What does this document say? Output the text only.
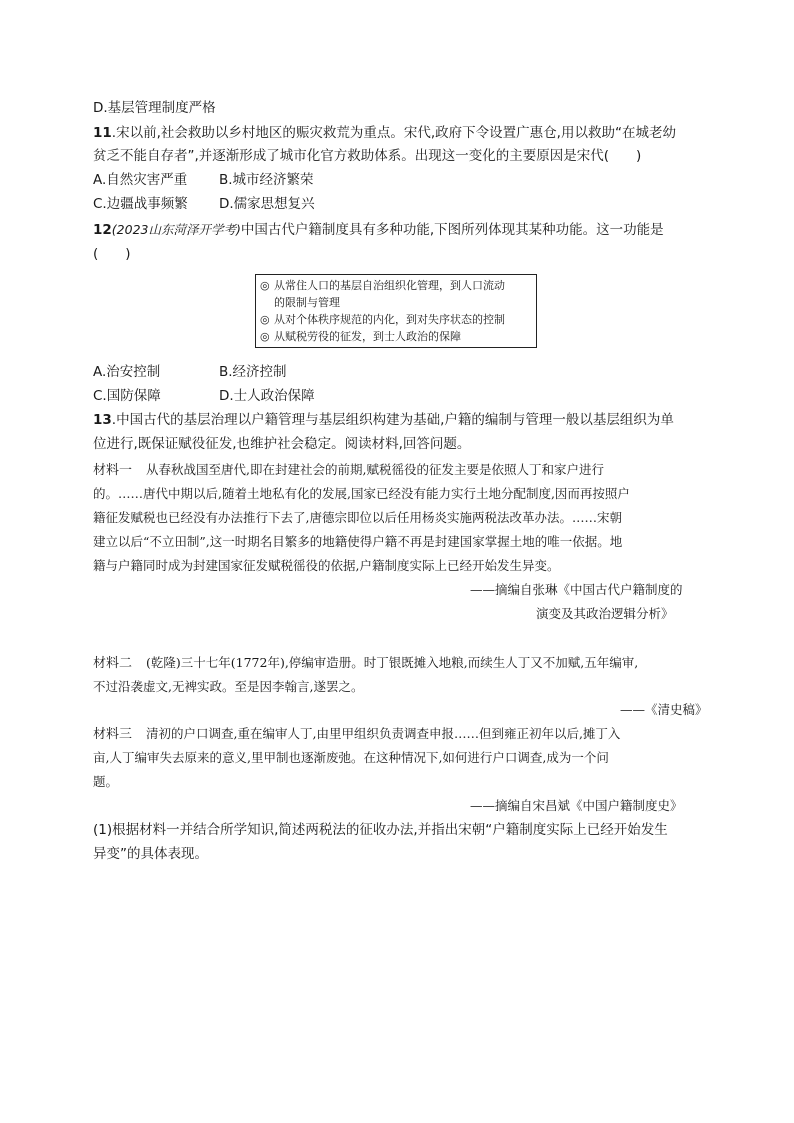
D.基层管理制度严格
11.宋以前,社会救助以乡村地区的赈灾救荒为重点。宋代,政府下令设置广惠仓,用以救助“在城老幼
贫乏不能自存者”,并逐渐形成了城市化官方救助体系。出现这一变化的主要原因是宋代(　　)
A.自然灾害严重 B.城市经济繁荣
C.边疆战事频繁 D.儒家思想复兴
12(2023山东菏泽开学考)中国古代户籍制度具有多种功能,下图所列体现其某种功能。这一功能是
(　　)
◎ 从常住人口的基层自治组织化管理，到人口流动
的限制与管理
◎ 从对个体秩序规范的内化，到对失序状态的控制
◎ 从赋税劳役的征发，到士人政治的保障
A.治安控制	B.经济控制
C.国防保障	D.士人政治保障
13.中国古代的基层治理以户籍管理与基层组织构建为基础,户籍的编制与管理一般以基层组织为单
位进行,既保证赋役征发,也维护社会稳定。阅读材料,回答问题。
材料一 从春秋战国至唐代,即在封建社会的前期,赋税徭役的征发主要是依照人丁和家户进行
的。……唐代中期以后,随着土地私有化的发展,国家已经没有能力实行土地分配制度,因而再按照户
籍征发赋税也已经没有办法推行下去了,唐德宗即位以后任用杨炎实施两税法改革办法。……宋朝
建立以后“不立田制”,这一时期名目繁多的地籍使得户籍不再是封建国家掌握土地的唯一依据。地
籍与户籍同时成为封建国家征发赋税徭役的依据,户籍制度实际上已经开始发生异变。
——摘编自张琳《中国古代户籍制度的
演变及其政治逻辑分析》
材料二 (乾隆)三十七年(1772年),停编审造册。时丁银既摊入地粮,而续生人丁又不加赋,五年编审,
不过沿袭虚文,无裨实政。至是因李翰言,遂罢之。
——《清史稿》
材料三 清初的户口调查,重在编审人丁,由里甲组织负责调查申报……但到雍正初年以后,摊丁入
亩,人丁编审失去原来的意义,里甲制也逐渐废弛。在这种情况下,如何进行户口调查,成为一个问
题。
——摘编自宋昌斌《中国户籍制度史》
(1)根据材料一并结合所学知识,简述两税法的征收办法,并指出宋朝“户籍制度实际上已经开始发生
异变”的具体表现。
